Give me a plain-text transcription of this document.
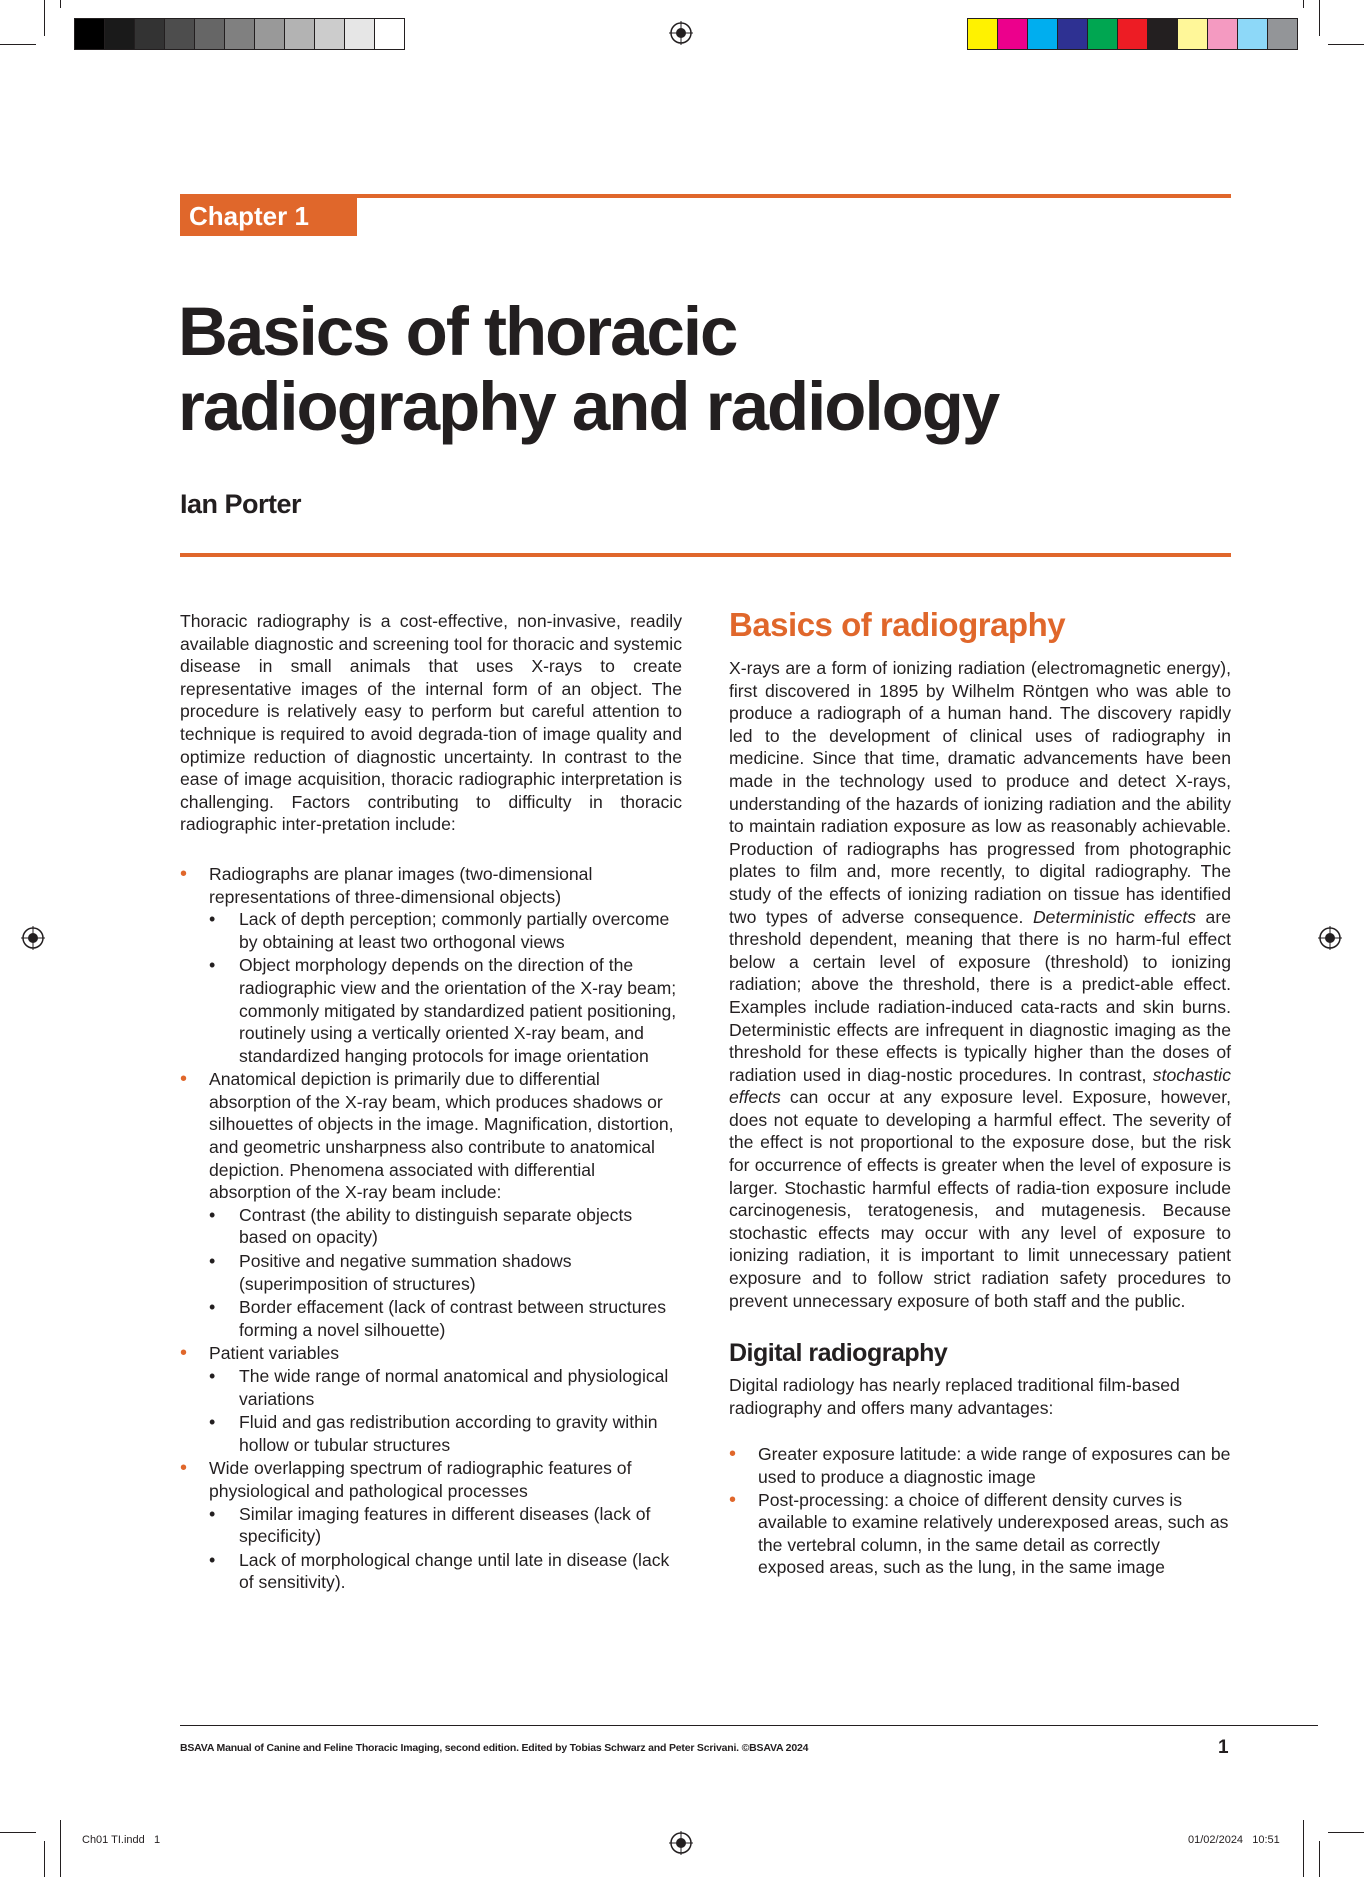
Chapter 1
Basics of thoracic
radiography and radiology
Ian Porter

Thoracic radiography is a cost-effective, non-invasive, readily available diagnostic and screening tool for thoracic and systemic disease in small animals that uses X-rays to create representative images of the internal form of an object. The procedure is relatively easy to perform but careful attention to technique is required to avoid degrada-tion of image quality and optimize reduction of diagnostic uncertainty. In contrast to the ease of image acquisition, thoracic radiographic interpretation is challenging. Factors contributing to difficulty in thoracic radiographic inter-pretation include:

• Radiographs are planar images (two-dimensional representations of three-dimensional objects)
• Lack of depth perception; commonly partially overcome by obtaining at least two orthogonal views
• Object morphology depends on the direction of the radiographic view and the orientation of the X-ray beam; commonly mitigated by standardized patient positioning, routinely using a vertically oriented X-ray beam, and standardized hanging protocols for image orientation
• Anatomical depiction is primarily due to differential absorption of the X-ray beam, which produces shadows or silhouettes of objects in the image. Magnification, distortion, and geometric unsharpness also contribute to anatomical depiction. Phenomena associated with differential absorption of the X-ray beam include:
• Contrast (the ability to distinguish separate objects based on opacity)
• Positive and negative summation shadows (superimposition of structures)
• Border effacement (lack of contrast between structures forming a novel silhouette)
• Patient variables
• The wide range of normal anatomical and physiological variations
• Fluid and gas redistribution according to gravity within hollow or tubular structures
• Wide overlapping spectrum of radiographic features of physiological and pathological processes
• Similar imaging features in different diseases (lack of specificity)
• Lack of morphological change until late in disease (lack of sensitivity).
Basics of radiography

X-rays are a form of ionizing radiation (electromagnetic energy), first discovered in 1895 by Wilhelm Röntgen who was able to produce a radiograph of a human hand. The discovery rapidly led to the development of clinical uses of radiography in medicine. Since that time, dramatic advancements have been made in the technology used to produce and detect X-rays, understanding of the hazards of ionizing radiation and the ability to maintain radiation exposure as low as reasonably achievable. Production of radiographs has progressed from photographic plates to film and, more recently, to digital radiography. The study of the effects of ionizing radiation on tissue has identified two types of adverse consequence. Deterministic effects are threshold dependent, meaning that there is no harm-ful effect below a certain level of exposure (threshold) to ionizing radiation; above the threshold, there is a predict-able effect. Examples include radiation-induced cata-racts and skin burns. Deterministic effects are infrequent in diagnostic imaging as the threshold for these effects is typically higher than the doses of radiation used in diag-nostic procedures. In contrast, stochastic effects can occur at any exposure level. Exposure, however, does not equate to developing a harmful effect. The severity of the effect is not proportional to the exposure dose, but the risk for occurrence of effects is greater when the level of exposure is larger. Stochastic harmful effects of radia-tion exposure include carcinogenesis, teratogenesis, and mutagenesis. Because stochastic effects may occur with any level of exposure to ionizing radiation, it is important to limit unnecessary patient exposure and to follow strict radiation safety procedures to prevent unnecessary exposure of both staff and the public.

Digital radiography

Digital radiology has nearly replaced traditional film-based radiography and offers many advantages:

• Greater exposure latitude: a wide range of exposures can be used to produce a diagnostic image
• Post-processing: a choice of different density curves is available to examine relatively underexposed areas, such as the vertebral column, in the same detail as correctly exposed areas, such as the lung, in the same image
BSAVA Manual of Canine and Feline Thoracic Imaging, second edition. Edited by Tobias Schwarz and Peter Scrivani. ©BSAVA 2024	1
Ch01 TI.indd   1	01/02/2024   10:51
